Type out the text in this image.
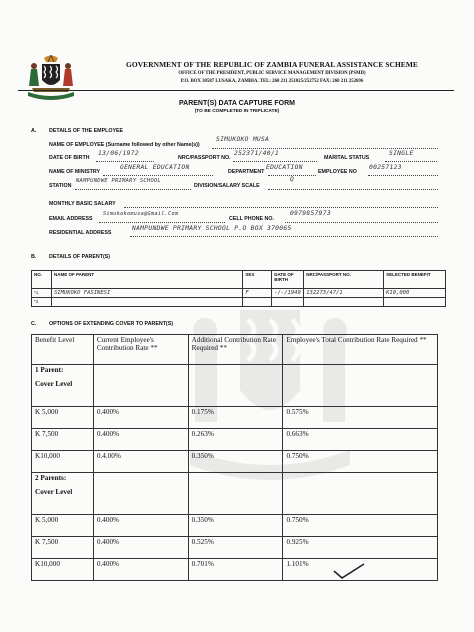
GOVERNMENT OF THE REPUBLIC OF ZAMBIA FUNERAL ASSISTANCE SCHEME
OFFICE OF THE PRESIDENT, PUBLIC SERVICE MANAGEMENT DIVISION (PSMD)
P.O. BOX 30587 LUSAKA, ZAMBIA. TEL: 260 211 251025/252752 FAX: 260 211 252696
PARENT(S) DATA CAPTURE FORM
(TO BE COMPLETED IN TRIPLICATE)
A. DETAILS OF THE EMPLOYEE
NAME OF EMPLOYEE (Surname followed by other Name(s))
SIMUKOKO MUSA
DATE OF BIRTH
13/06/1972
NRC/PASSPORT NO.
252371/40/1
MARITAL STATUS
SINGLE
NAME OF MINISTRY
GENERAL EDUCATION
DEPARTMENT
EDUCATION
EMPLOYEE NO
00257123
STATION
NAMPUNDWE PRIMARY SCHOOL
DIVISION/SALARY SCALE
Q
MONTHLY BASIC SALARY
EMAIL ADDRESS
Simukokomusa@Gmail.Com
CELL PHONE NO.
0979857973
RESIDENTIAL ADDRESS
NAMPUNDWE PRIMARY SCHOOL P.O BOX 370065
B. DETAILS OF PARENT(S)
NO.	NAME OF PARENT	SEX	DATE OF BIRTH	NRC/PASSPORT NO.	SELECTED BENEFIT
*1.	SIMUKOKO FASINESI	F	-/-/1949	132273/47/1	K10,000
*2.					
C. OPTIONS OF EXTENDING COVER TO PARENT(S)
Benefit Level	Current Employee's Contribution Rate **	Additional Contribution Rate Required **	Employee's Total Contribution Rate Required **

1 Parent:
Cover Level			

K 5,000	0.400%	0.175%	0.575%
K 7,500	0.400%	0.263%	0.663%
K10,000	0.4.00%	0.350%	0.750%

2 Parents:
Cover Level			

K 5,000	0.400%	0.350%	0.750%
K 7,500	0.400%	0.525%	0.925%
K10,000	0.400%	0.701%	1.101%
